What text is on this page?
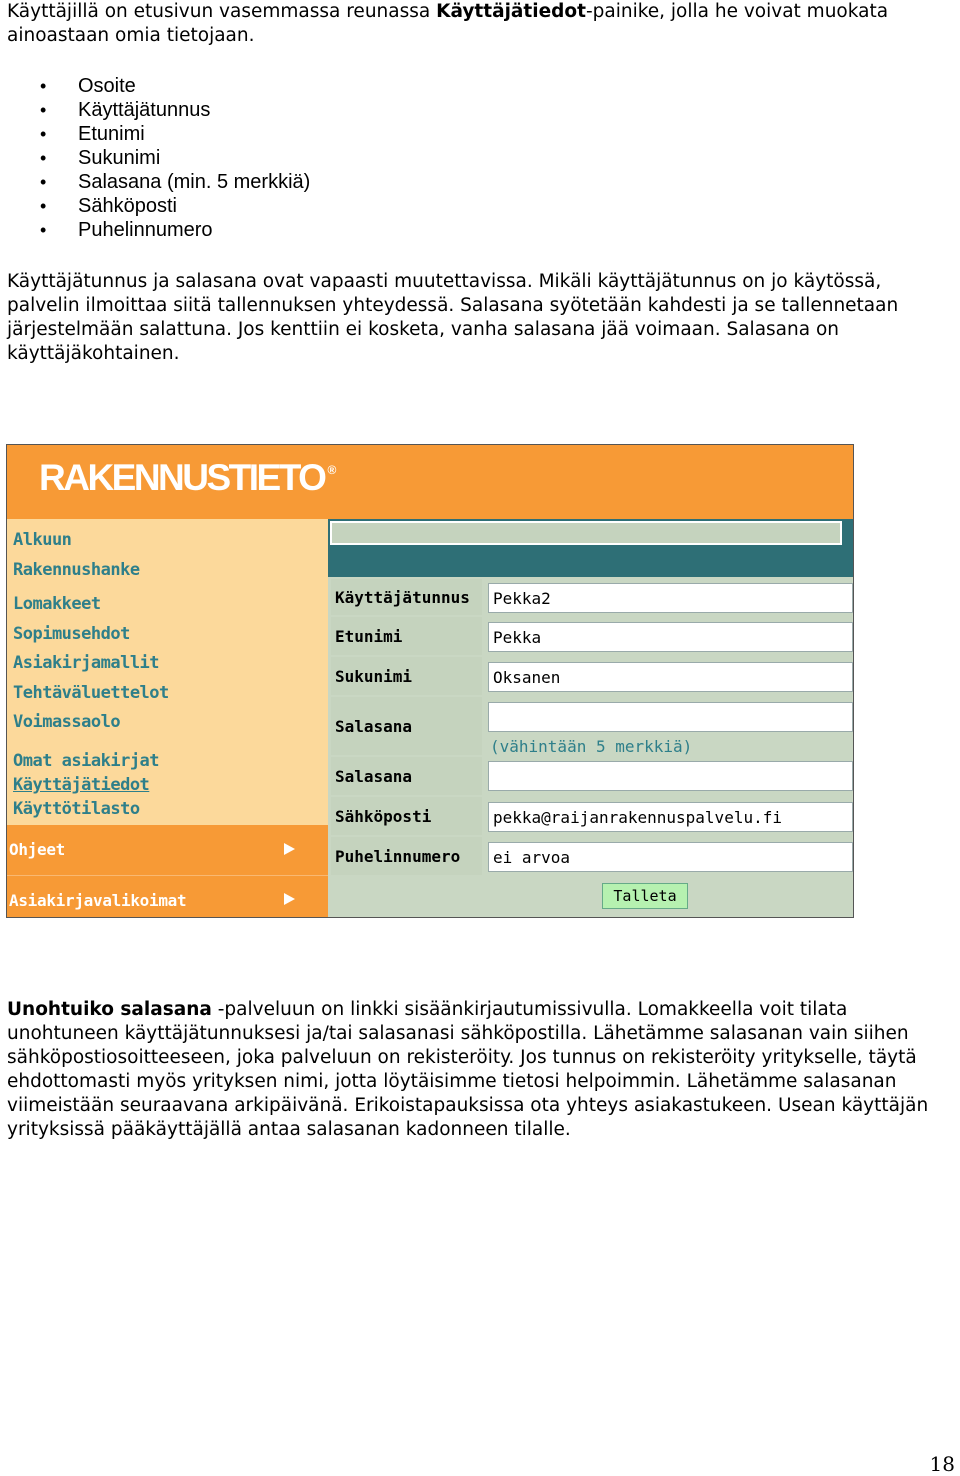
Käyttäjillä on etusivun vasemmassa reunassa Käyttäjätiedot-painike, jolla he voivat muokata ainoastaan omia tietojaan.

• Osoite
• Käyttäjätunnus
• Etunimi
• Sukunimi
• Salasana (min. 5 merkkiä)
• Sähköposti
• Puhelinnumero

Käyttäjätunnus ja salasana ovat vapaasti muutettavissa. Mikäli käyttäjätunnus on jo käytössä, palvelin ilmoittaa siitä tallennuksen yhteydessä. Salasana syötetään kahdesti ja se tallennetaan järjestelmään salattuna. Jos kenttiin ei kosketa, vanha salasana jää voimaan. Salasana on käyttäjäkohtainen.

RAKENNUSTIETO ®
Alkuun
Rakennushanke
Lomakkeet
Sopimusehdot
Asiakirjamallit
Tehtäväluettelot
Voimassaolo
Omat asiakirjat
Käyttäjätiedot
Käyttötilasto
Ohjeet
Asiakirjavalikoimat
Käyttäjätunnus	Pekka2
Etunimi	Pekka
Sukunimi	Oksanen
Salasana
(vähintään 5 merkkiä)
Salasana
Sähköposti	pekka@raijanrakennuspalvelu.fi
Puhelinnumero	ei arvoa
Talleta

Unohtuiko salasana -palveluun on linkki sisäänkirjautumissivulla. Lomakkeella voit tilata unohtuneen käyttäjätunnuksesi ja/tai salasanasi sähköpostilla. Lähetämme salasanan vain siihen sähköpostiosoitteeseen, joka palveluun on rekisteröity. Jos tunnus on rekisteröity yritykselle, täytä ehdottomasti myös yrityksen nimi, jotta löytäisimme tietosi helpoimmin. Lähetämme salasanan viimeistään seuraavana arkipäivänä. Erikoistapauksissa ota yhteys asiakastukeen. Usean käyttäjän yrityksissä pääkäyttäjällä antaa salasanan kadonneen tilalle.

18
